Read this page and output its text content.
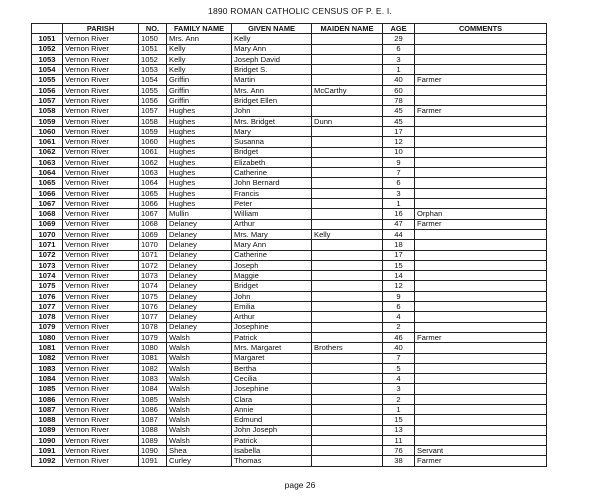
1890 ROMAN CATHOLIC CENSUS OF P. E. I.
	PARISH	NO.	FAMILY NAME	GIVEN NAME	MAIDEN NAME	AGE	COMMENTS
1051	Vernon River	1050	Mrs. Ann	Kelly		29	
1052	Vernon River	1051	Kelly	Mary Ann		6	
1053	Vernon River	1052	Kelly	Joseph David		3	
1054	Vernon River	1053	Kelly	Bridget S.		1	
1055	Vernon River	1054	Griffin	Martin		40	Farmer
1056	Vernon River	1055	Griffin	Mrs. Ann	McCarthy	60	
1057	Vernon River	1056	Griffin	Bridget Ellen		78	
1058	Vernon River	1057	Hughes	John		45	Farmer
1059	Vernon River	1058	Hughes	Mrs. Bridget	Dunn	45	
1060	Vernon River	1059	Hughes	Mary		17	
1061	Vernon River	1060	Hughes	Susanna		12	
1062	Vernon River	1061	Hughes	Bridget		10	
1063	Vernon River	1062	Hughes	Elizabeth		9	
1064	Vernon River	1063	Hughes	Catherine		7	
1065	Vernon River	1064	Hughes	John Bernard		6	
1066	Vernon River	1065	Hughes	Francis		3	
1067	Vernon River	1066	Hughes	Peter		1	
1068	Vernon River	1067	Mullin	William		16	Orphan
1069	Vernon River	1068	Delaney	Arthur		47	Farmer
1070	Vernon River	1069	Delaney	Mrs. Mary	Kelly	44	
1071	Vernon River	1070	Delaney	Mary Ann		18	
1072	Vernon River	1071	Delaney	Catherine		17	
1073	Vernon River	1072	Delaney	Joseph		15	
1074	Vernon River	1073	Delaney	Maggie		14	
1075	Vernon River	1074	Delaney	Bridget		12	
1076	Vernon River	1075	Delaney	John		9	
1077	Vernon River	1076	Delaney	Emilia		6	
1078	Vernon River	1077	Delaney	Arthur		4	
1079	Vernon River	1078	Delaney	Josephine		2	
1080	Vernon River	1079	Walsh	Patrick		46	Farmer
1081	Vernon River	1080	Walsh	Mrs. Margaret	Brothers	40	
1082	Vernon River	1081	Walsh	Margaret		7	
1083	Vernon River	1082	Walsh	Bertha		5	
1084	Vernon River	1083	Walsh	Cecilia		4	
1085	Vernon River	1084	Walsh	Josephine		3	
1086	Vernon River	1085	Walsh	Clara		2	
1087	Vernon River	1086	Walsh	Annie		1	
1088	Vernon River	1087	Walsh	Edmund		15	
1089	Vernon River	1088	Walsh	John Joseph		13	
1090	Vernon River	1089	Walsh	Patrick		11	
1091	Vernon River	1090	Shea	Isabella		76	Servant
1092	Vernon River	1091	Curley	Thomas		38	Farmer
page 26
